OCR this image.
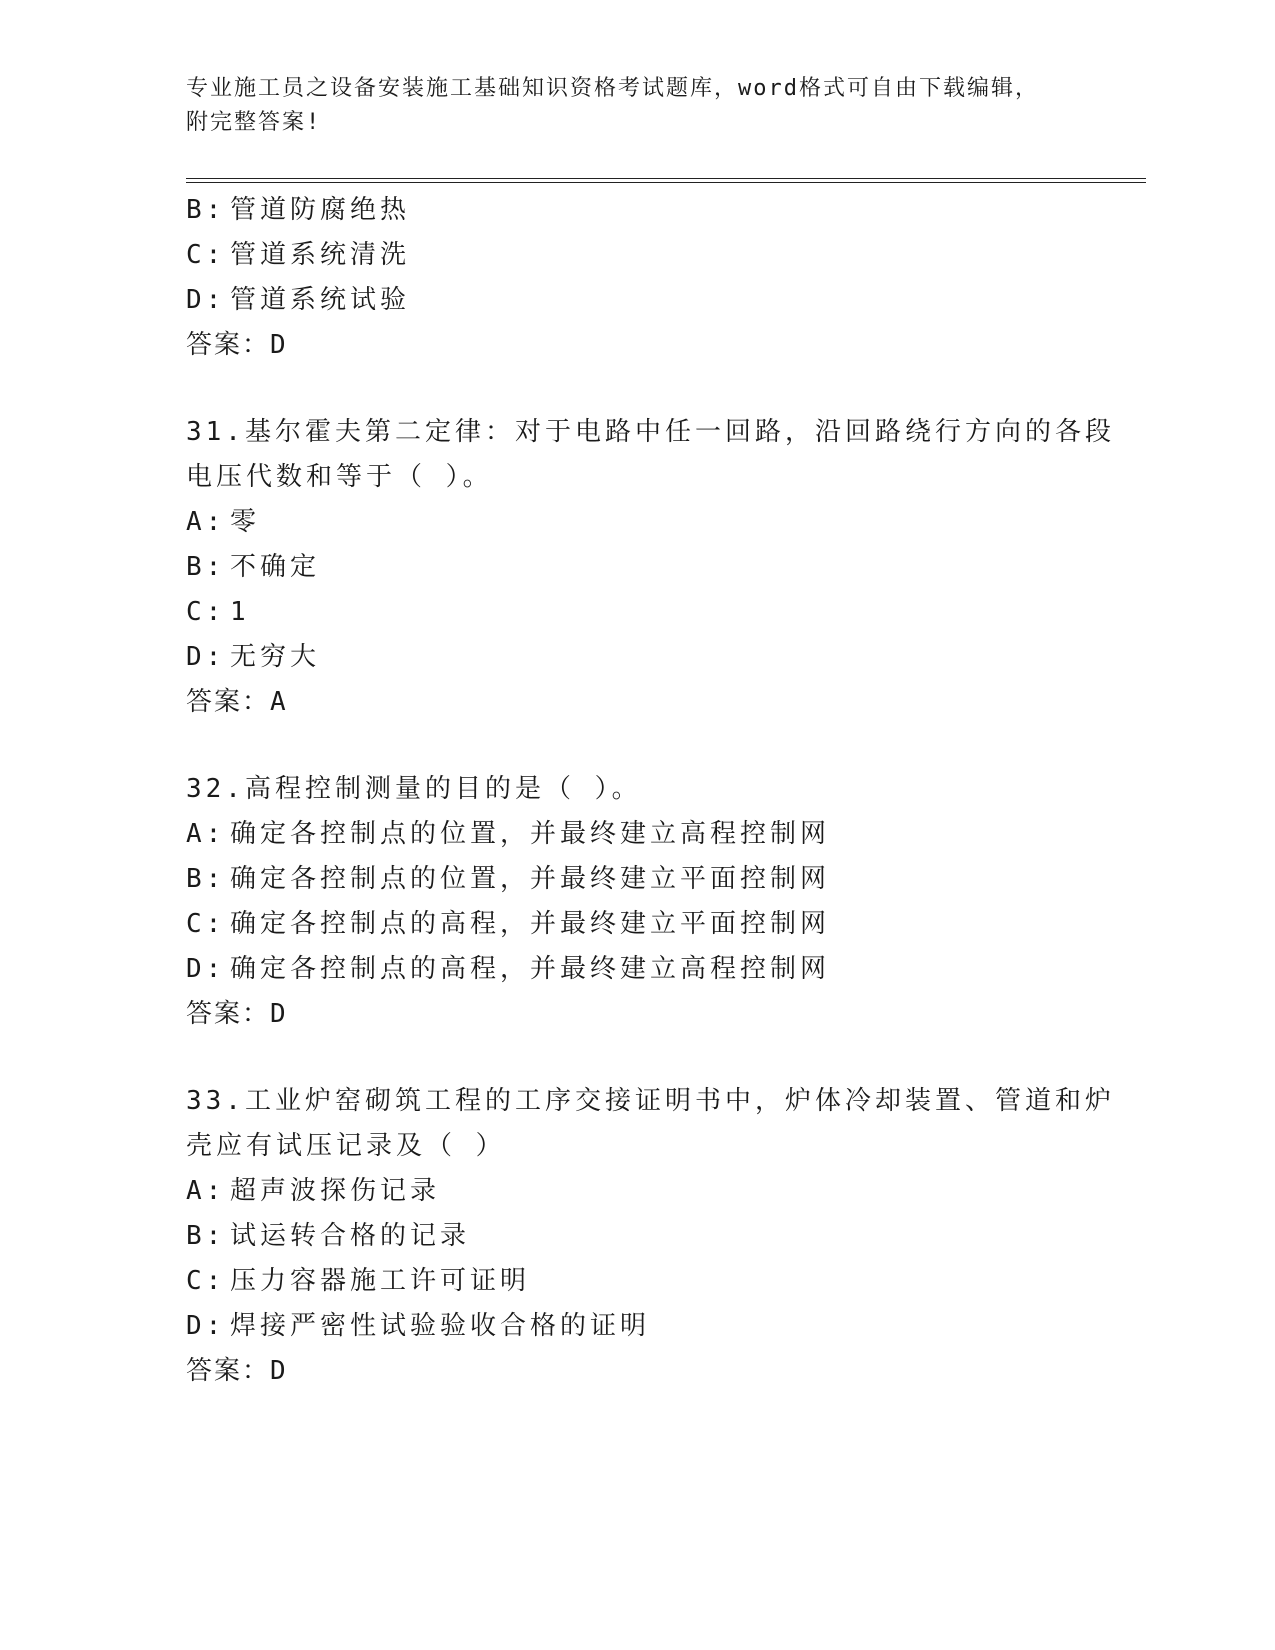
专业施工员之设备安装施工基础知识资格考试题库，word格式可自由下载编辑，
附完整答案!
B: 管道防腐绝热
C: 管道系统清洗
D: 管道系统试验
答案：D
31.基尔霍夫第二定律：对于电路中任一回路，沿回路绕行方向的各段
电压代数和等于（ ）。
A: 零
B: 不确定
C: 1
D: 无穷大
答案：A
32.高程控制测量的目的是（ ）。
A: 确定各控制点的位置，并最终建立高程控制网
B: 确定各控制点的位置，并最终建立平面控制网
C: 确定各控制点的高程，并最终建立平面控制网
D: 确定各控制点的高程，并最终建立高程控制网
答案：D
33.工业炉窑砌筑工程的工序交接证明书中，炉体冷却装置、管道和炉
壳应有试压记录及（ ）
A: 超声波探伤记录
B: 试运转合格的记录
C: 压力容器施工许可证明
D: 焊接严密性试验验收合格的证明
答案：D
